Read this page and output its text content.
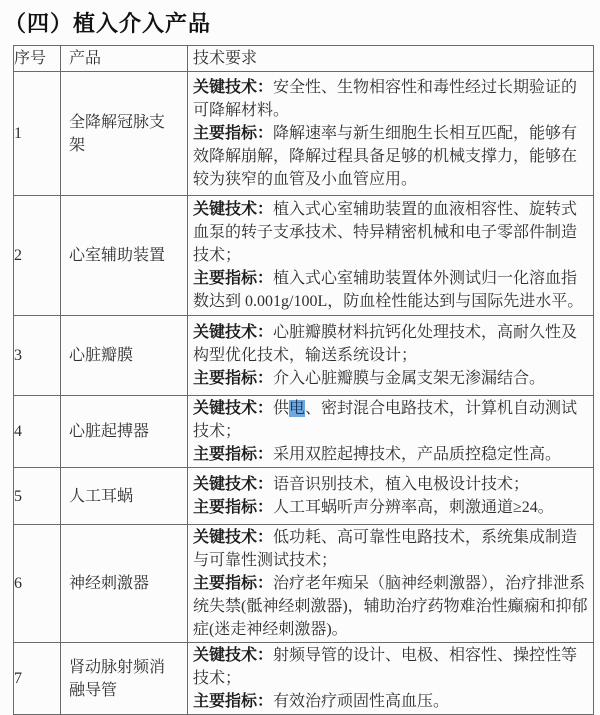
（四）植入介入产品
序号	产品	技术要求
1	全降解冠脉支架	关键技术：安全性、生物相容性和毒性经过长期验证的可降解材料。

主要指标：降解速率与新生细胞生长相互匹配，能够有效降解崩解，降解过程具备足够的机械支撑力，能够在较为狭窄的血管及小血管应用。

2	心室辅助装置	关键技术：植入式心室辅助装置的血液相容性、旋转式血泵的转子支承技术、特异精密机械和电子零部件制造技术；

主要指标：植入式心室辅助装置体外测试归一化溶血指数达到 0.001g/100L，防血栓性能达到与国际先进水平。

3	心脏瓣膜	关键技术：心脏瓣膜材料抗钙化处理技术，高耐久性及构型优化技术，输送系统设计；

主要指标：介入心脏瓣膜与金属支架无渗漏结合。

4	心脏起搏器	关键技术：供电、密封混合电路技术，计算机自动测试技术；

主要指标：采用双腔起搏技术，产品质控稳定性高。

5	人工耳蜗	关键技术：语音识别技术，植入电极设计技术；

主要指标：人工耳蜗听声分辨率高，刺激通道≥24。

6	神经刺激器	关键技术：低功耗、高可靠性电路技术，系统集成制造与可靠性测试技术；

主要指标：治疗老年痴呆（脑神经刺激器），治疗排泄系统失禁(骶神经刺激器)，辅助治疗药物难治性癫痫和抑郁症(迷走神经刺激器)。

7	肾动脉射频消融导管	关键技术：射频导管的设计、电极、相容性、操控性等技术；

主要指标：有效治疗顽固性高血压。
